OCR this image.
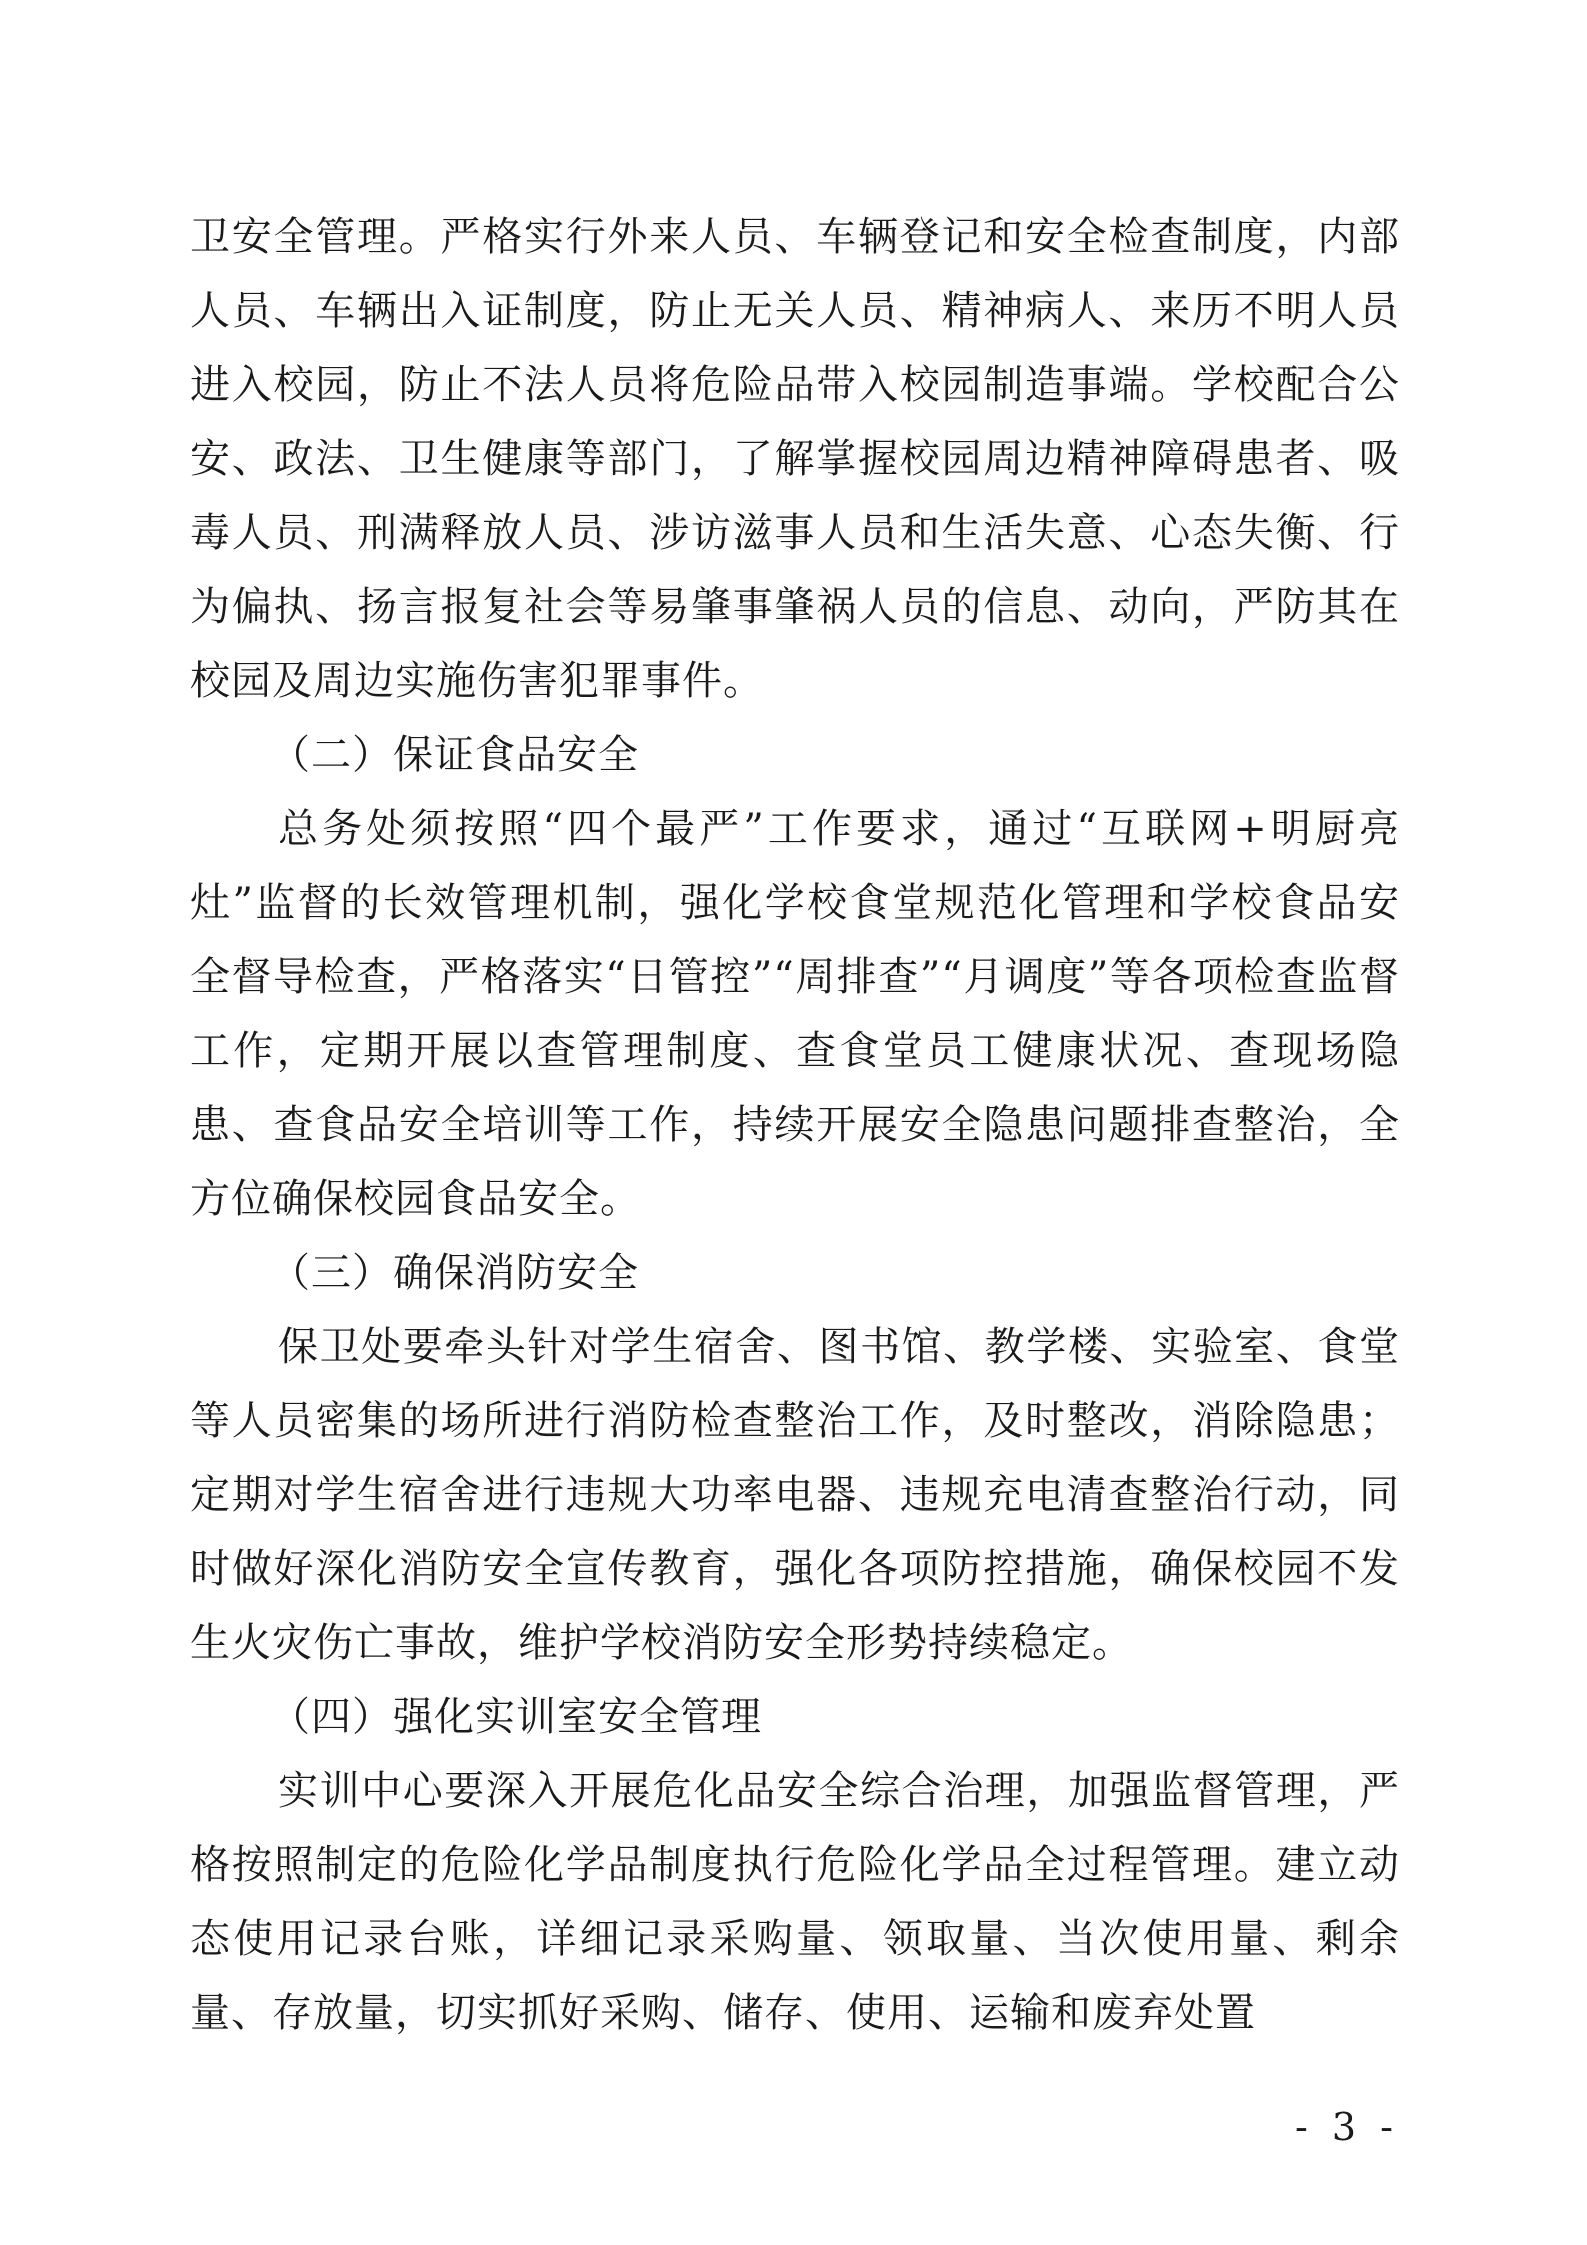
卫安全管理。严格实行外来人员、车辆登记和安全检查制度，内部人员、车辆出入证制度，防止无关人员、精神病人、来历不明人员进入校园，防止不法人员将危险品带入校园制造事端。学校配合公安、政法、卫生健康等部门，了解掌握校园周边精神障碍患者、吸毒人员、刑满释放人员、涉访滋事人员和生活失意、心态失衡、行为偏执、扬言报复社会等易肇事肇祸人员的信息、动向，严防其在校园及周边实施伤害犯罪事件。

（二）保证食品安全

总务处须按照“四个最严”工作要求，通过“互联网+明厨亮灶”监督的长效管理机制，强化学校食堂规范化管理和学校食品安全督导检查，严格落实“日管控”“周排查”“月调度”等各项检查监督工作，定期开展以查管理制度、查食堂员工健康状况、查现场隐患、查食品安全培训等工作，持续开展安全隐患问题排查整治，全方位确保校园食品安全。

（三）确保消防安全

保卫处要牵头针对学生宿舍、图书馆、教学楼、实验室、食堂等人员密集的场所进行消防检查整治工作，及时整改，消除隐患；定期对学生宿舍进行违规大功率电器、违规充电清查整治行动，同时做好深化消防安全宣传教育，强化各项防控措施，确保校园不发生火灾伤亡事故，维护学校消防安全形势持续稳定。

（四）强化实训室安全管理

实训中心要深入开展危化品安全综合治理，加强监督管理，严格按照制定的危险化学品制度执行危险化学品全过程管理。建立动态使用记录台账，详细记录采购量、领取量、当次使用量、剩余量、存放量，切实抓好采购、储存、使用、运输和废弃处置

- 3 -
